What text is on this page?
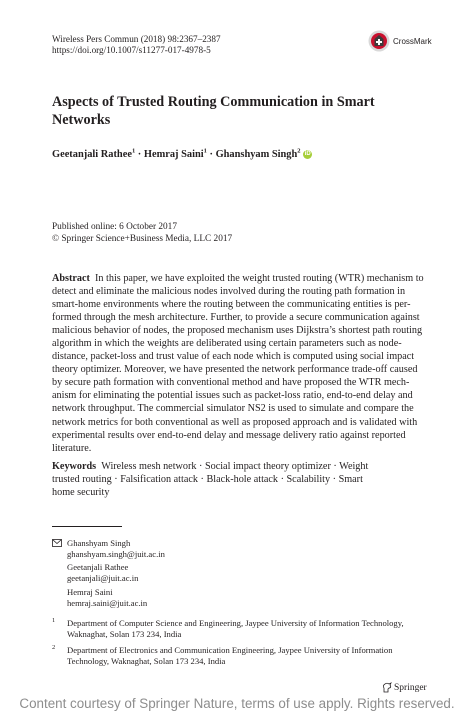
Wireless Pers Commun (2018) 98:2367–2387
https://doi.org/10.1007/s11277-017-4978-5
CrossMark
Aspects of Trusted Routing Communication in Smart
Networks
Geetanjali Rathee$^1$ · Hemraj Saini$^1$ · Ghanshyam Singh$^2$ iD
Published online: 6 October 2017
© Springer Science+Business Media, LLC 2017
Abstract In this paper, we have exploited the weight trusted routing (WTR) mechanism to
detect and eliminate the malicious nodes involved during the routing path formation in
smart-home environments where the routing between the communicating entities is per-
formed through the mesh architecture. Further, to provide a secure communication against
malicious behavior of nodes, the proposed mechanism uses Dijkstra’s shortest path routing
algorithm in which the weights are deliberated using certain parameters such as node-
distance, packet-loss and trust value of each node which is computed using social impact
theory optimizer. Moreover, we have presented the network performance trade-off caused
by secure path formation with conventional method and have proposed the WTR mech-
anism for eliminating the potential issues such as packet-loss ratio, end-to-end delay and
network throughput. The commercial simulator NS2 is used to simulate and compare the
network metrics for both conventional as well as proposed approach and is validated with
experimental results over end-to-end delay and message delivery ratio against reported
literature.
Keywords Wireless mesh network · Social impact theory optimizer · Weight
trusted routing · Falsification attack · Black-hole attack · Scalability · Smart
home security
Ghanshyam Singh
ghanshyam.singh@juit.ac.in
Geetanjali Rathee
geetanjali@juit.ac.in
Hemraj Saini
hemraj.saini@juit.ac.in
1 Department of Computer Science and Engineering, Jaypee University of Information Technology,
Waknaghat, Solan 173 234, India
2 Department of Electronics and Communication Engineering, Jaypee University of Information
Technology, Waknaghat, Solan 173 234, India
Springer
Content courtesy of Springer Nature, terms of use apply. Rights reserved.
